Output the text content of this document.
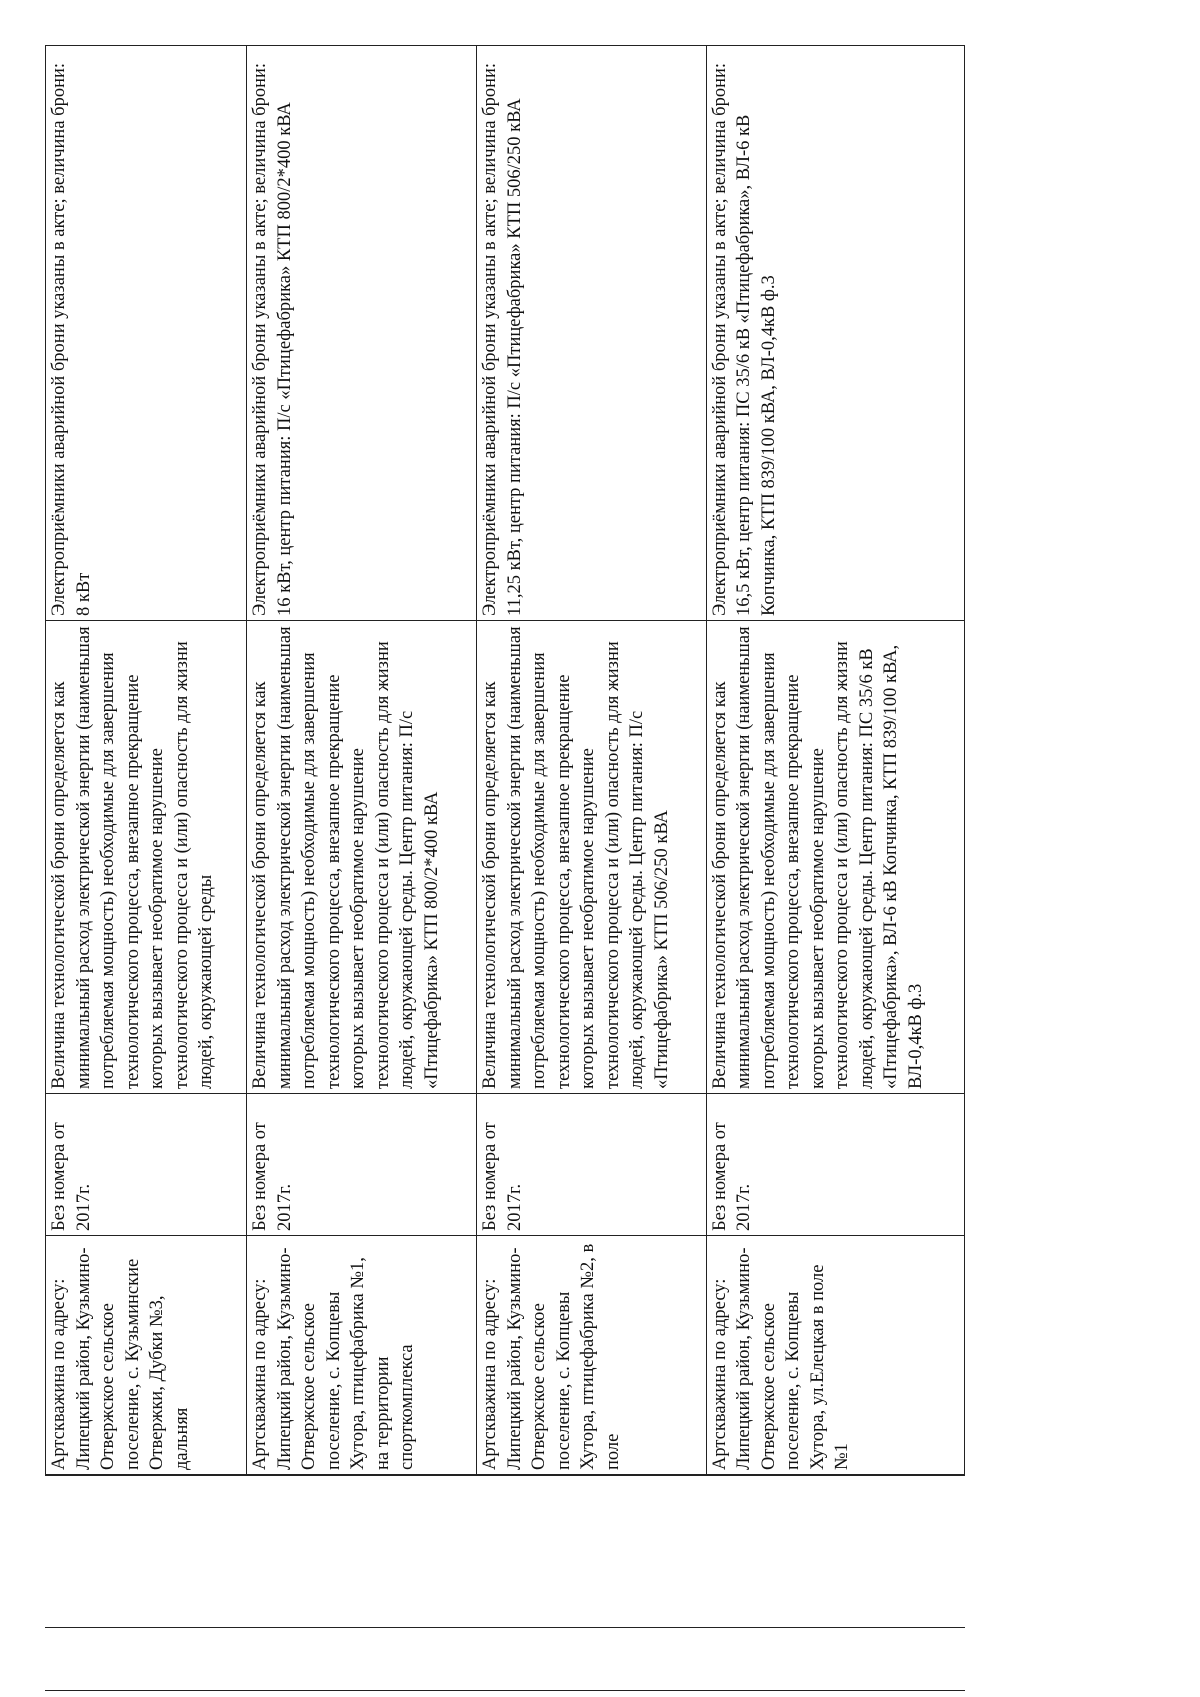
Артскважина по адресу: Липецкий район, Кузьмино-Отвержское сельское поселение, с. Кузьминские Отвержки, Дубки №3, дальняя	Без номера от 2017г.	Величина технологической брони определяется как минимальный расход электрической энергии (наименьшая потребляемая мощность) необходимые для завершения технологического процесса, внезапное прекращение которых вызывает необратимое нарушение технологического процесса и (или) опасность для жизни людей, окружающей среды	Электроприёмники аварийной брони указаны в акте; величина брони: 8 кВт
Артскважина по адресу: Липецкий район, Кузьмино-Отвержское сельское поселение, с. Копцевы Хутора, птицефабрика №1, на территории спорткомплекса	Без номера от 2017г.	Величина технологической брони определяется как минимальный расход электрической энергии (наименьшая потребляемая мощность) необходимые для завершения технологического процесса, внезапное прекращение которых вызывает необратимое нарушение технологического процесса и (или) опасность для жизни людей, окружающей среды. Центр питания: П/с «Птицефабрика» КТП 800/2*400 кВА	Электроприёмники аварийной брони указаны в акте; величина брони: 16 кВт, центр питания: П/с «Птицефабрика» КТП 800/2*400 кВА
Артскважина по адресу: Липецкий район, Кузьмино-Отвержское сельское поселение, с. Копцевы Хутора, птицефабрика №2, в поле	Без номера от 2017г.	Величина технологической брони определяется как минимальный расход электрической энергии (наименьшая потребляемая мощность) необходимые для завершения технологического процесса, внезапное прекращение которых вызывает необратимое нарушение технологического процесса и (или) опасность для жизни людей, окружающей среды. Центр питания: П/с «Птицефабрика» КТП 506/250 кВА	Электроприёмники аварийной брони указаны в акте; величина брони: 11,25 кВт, центр питания: П/с «Птицефабрика» КТП 506/250 кВА
Артскважина по адресу: Липецкий район, Кузьмино-Отвержское сельское поселение, с. Копцевы Хутора, ул.Елецкая в поле №1	Без номера от 2017г.	Величина технологической брони определяется как минимальный расход электрической энергии (наименьшая потребляемая мощность) необходимые для завершения технологического процесса, внезапное прекращение которых вызывает необратимое нарушение технологического процесса и (или) опасность для жизни людей, окружающей среды. Центр питания: ПС 35/6 кВ «Птицефабрика», ВЛ-6 кВ Копчинка, КТП 839/100 кВА, ВЛ-0,4кВ ф.3	Электроприёмники аварийной брони указаны в акте; величина брони: 16,5 кВт, центр питания: ПС 35/6 кВ «Птицефабрика», ВЛ-6 кВ Копчинка, КТП 839/100 кВА, ВЛ-0,4кВ ф.3
